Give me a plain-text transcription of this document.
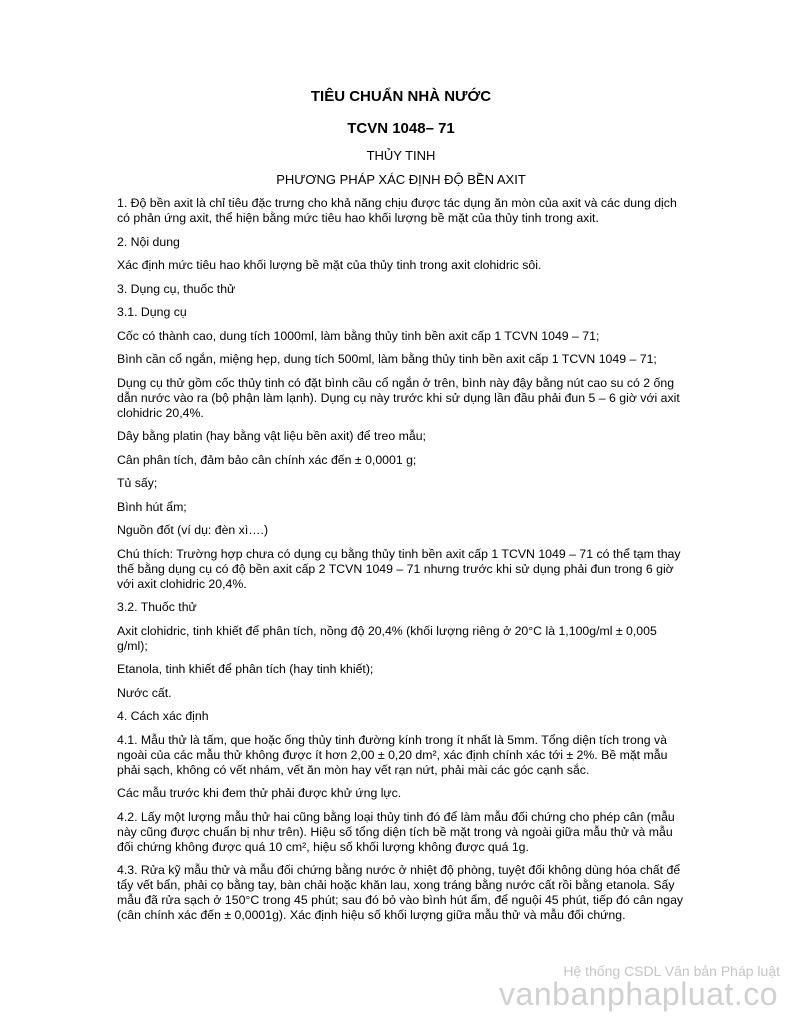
TIÊU CHUẨN NHÀ NƯỚC
TCVN 1048– 71
THỦY TINH
PHƯƠNG PHÁP XÁC ĐỊNH ĐỘ BỀN AXIT

1. Độ bền axit là chỉ tiêu đặc trưng cho khả năng chịu được tác dụng ăn mòn của axit và các dung dịch có phản ứng axit, thể hiện bằng mức tiêu hao khối lượng bề mặt của thủy tinh trong axit.

2. Nội dung

Xác định mức tiêu hao khối lượng bề mặt của thủy tinh trong axit clohidric sôi.

3. Dụng cụ, thuốc thử

3.1. Dụng cụ

Cốc có thành cao, dung tích 1000ml, làm bằng thủy tinh bền axit cấp 1 TCVN 1049 – 71;

Bình cần cổ ngắn, miệng hẹp, dung tích 500ml, làm bằng thủy tinh bền axit cấp 1 TCVN 1049 – 71;

Dụng cụ thử gồm cốc thủy tinh có đặt bình cầu cổ ngắn ở trên, bình này đậy bằng nút cao su có 2 ống dẫn nước vào ra (bộ phận làm lạnh). Dụng cụ này trước khi sử dụng lần đầu phải đun 5 – 6 giờ với axit clohidric 20,4%.

Dây bằng platin (hay bằng vật liệu bền axit) để treo mẫu;

Cân phân tích, đảm bảo cân chính xác đến ± 0,0001 g;

Tủ sấy;

Bình hút ẩm;

Nguồn đốt (ví dụ: đèn xì….)

Chú thích: Trường hợp chưa có dụng cụ bằng thủy tinh bền axit cấp 1 TCVN 1049 – 71 có thể tạm thay thế bằng dụng cụ có độ bền axit cấp 2 TCVN 1049 – 71 nhưng trước khi sử dụng phải đun trong 6 giờ với axit clohidric 20,4%.

3.2. Thuốc thử

Axit clohidric, tinh khiết để phân tích, nồng độ 20,4% (khối lượng riêng ở 20°C là 1,100g/ml ± 0,005 g/ml);

Etanola, tinh khiết để phân tích (hay tinh khiết);

Nước cất.

4. Cách xác định

4.1. Mẫu thử là tấm, que hoặc ống thủy tinh đường kính trong ít nhất là 5mm. Tổng diện tích trong và ngoài của các mẫu thử không được ít hơn 2,00 ± 0,20 dm², xác định chính xác tới ± 2%. Bề mặt mẫu phải sạch, không có vết nhám, vết ăn mòn hay vết rạn nứt, phải mài các góc cạnh sắc.

Các mẫu trước khi đem thử phải được khử ứng lực.

4.2. Lấy một lượng mẫu thử hai cũng bằng loại thủy tinh đó để làm mẫu đối chứng cho phép cân (mẫu này cũng được chuẩn bị như trên). Hiệu số tổng diện tích bề mặt trong và ngoài giữa mẫu thử và mẫu đối chứng không được quá 10 cm², hiệu số khối lượng không được quá 1g.

4.3. Rửa kỹ mẫu thử và mẫu đối chứng bằng nước ở nhiệt độ phòng, tuyệt đối không dùng hóa chất để tẩy vết bẩn, phải cọ bằng tay, bàn chải hoặc khăn lau, xong tráng bằng nước cất rồi bằng etanola. Sấy mẫu đã rửa sạch ở 150°C trong 45 phút; sau đó bỏ vào bình hút ẩm, để nguội 45 phút, tiếp đó cân ngay (cân chính xác đến ± 0,0001g). Xác định hiệu số khối lượng giữa mẫu thử và mẫu đối chứng.

Hệ thống CSDL Văn bản Pháp luật
vanbanphapluat.co
